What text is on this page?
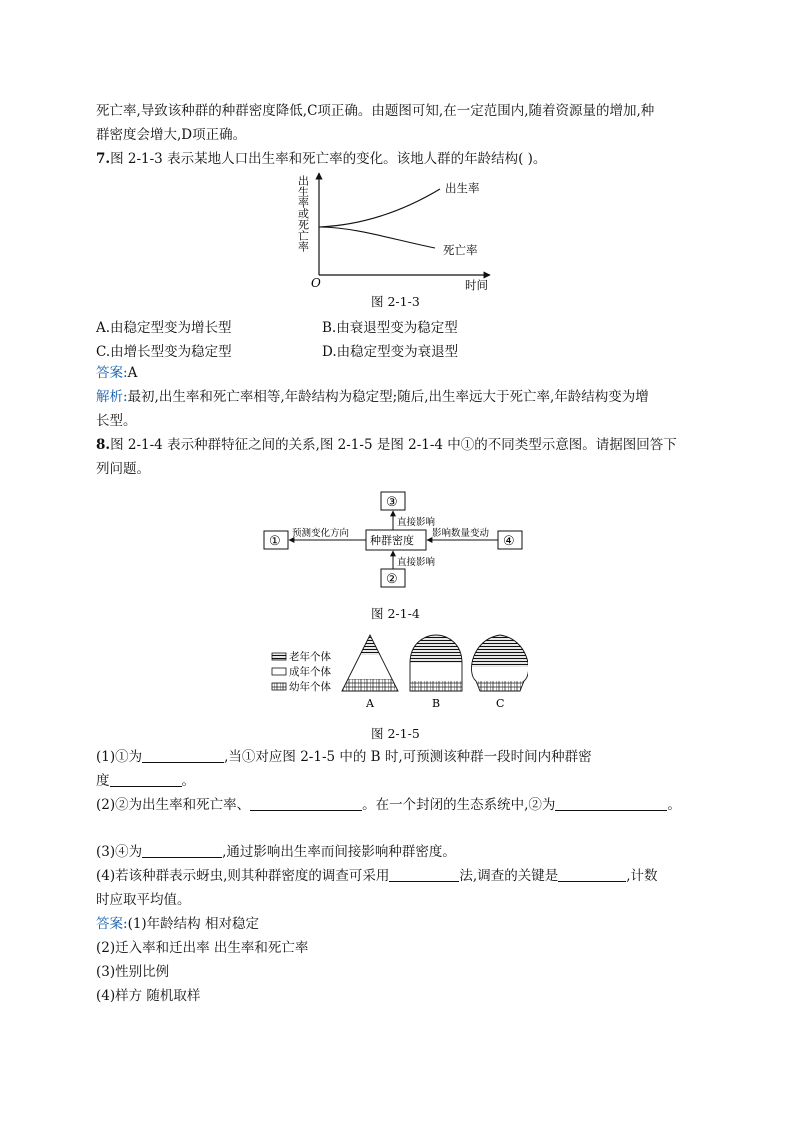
死亡率,导致该种群的种群密度降低,C项正确。由题图可知,在一定范围内,随着资源量的增加,种
群密度会增大,D项正确。
7.图 2-1-3 表示某地人口出生率和死亡率的变化。该地人群的年龄结构( )。
出生率或死亡率	出生率
死亡率
O	时间
图 2-1-3
A.由稳定型变为增长型	B.由衰退型变为稳定型
C.由增长型变为稳定型	D.由稳定型变为衰退型
答案:A
解析:最初,出生率和死亡率相等,年龄结构为稳定型;随后,出生率远大于死亡率,年龄结构变为增
长型。
8.图 2-1-4 表示种群特征之间的关系,图 2-1-5 是图 2-1-4 中①的不同类型示意图。请据图回答下
列问题。
③
①	④
②
种群密度
预测变化方向
直接影响
直接影响
影响数量变动
图 2-1-4
老年个体
成年个体
幼年个体
A	B	C
图 2-1-5
(1)①为	,当①对应图 2-1-5 中的 B 时,可预测该种群一段时间内种群密
度	。
(2)②为出生率和死亡率、	。在一个封闭的生态系统中,②为	。
(3)④为	,通过影响出生率而间接影响种群密度。
(4)若该种群表示蚜虫,则其种群密度的调查可采用	法,调查的关键是	,计数
时应取平均值。
答案:(1)年龄结构 相对稳定
(2)迁入率和迁出率 出生率和死亡率
(3)性别比例
(4)样方 随机取样
